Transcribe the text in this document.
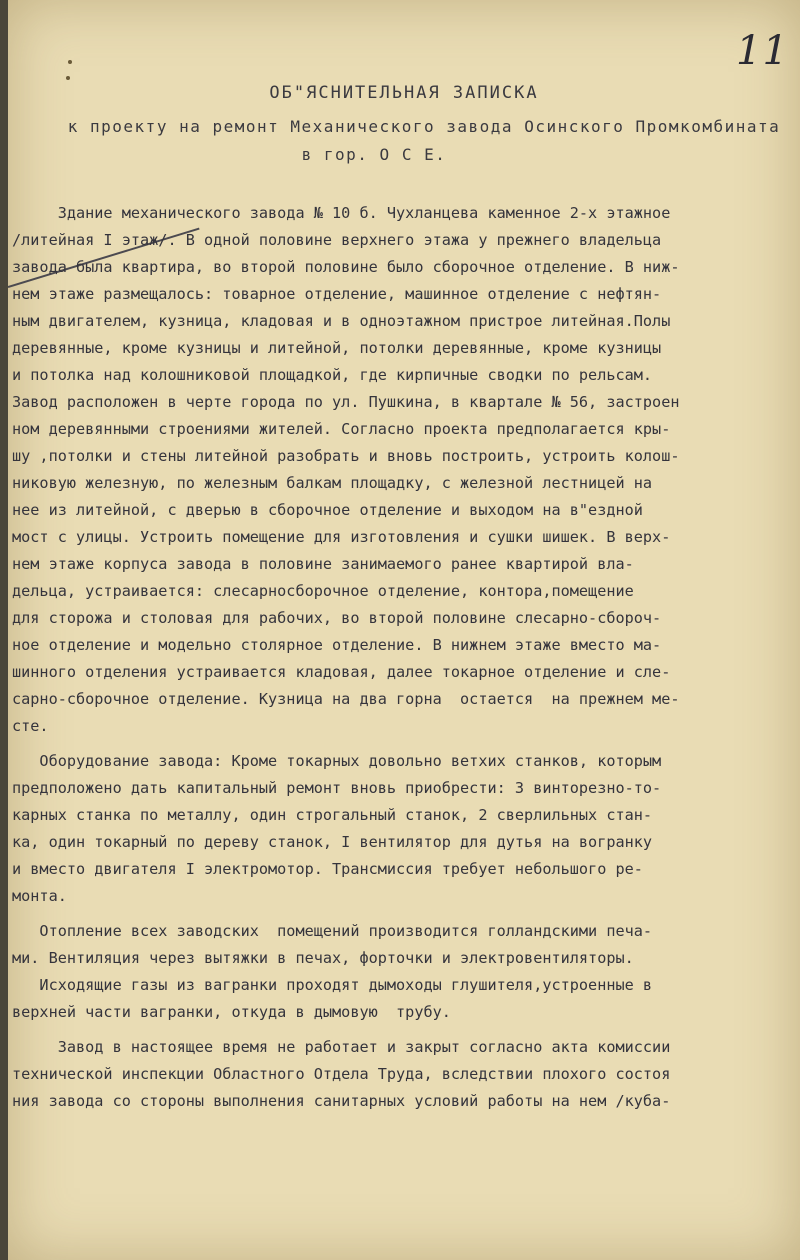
11
ОБ"ЯСНИТЕЛЬНАЯ ЗАПИСКА
к проекту на ремонт Механического завода Осинского Промкомбината
в гор. О С Е.
Здание механического завода № 10 б. Чухланцева каменное 2-х этажное
/литейная I этаж/. В одной половине верхнего этажа у прежнего владельца
завода была квартира, во второй половине было сборочное отделение. В ниж-
нем этаже размещалось: товарное отделение, машинное отделение с нефтян-
ным двигателем, кузница, кладовая и в одноэтажном пристрое литейная.Полы
деревянные, кроме кузницы и литейной, потолки деревянные, кроме кузницы
и потолка над колошниковой площадкой, где кирпичные сводки по рельсам.
Завод расположен в черте города по ул. Пушкина, в квартале № 56, застроен
ном деревянными строениями жителей. Согласно проекта предполагается кры-
шу ,потолки и стены литейной разобрать и вновь построить, устроить колош-
никовую железную, по железным балкам площадку, с железной лестницей на
нее из литейной, с дверью в сборочное отделение и выходом на в"ездной
мост с улицы. Устроить помещение для изготовления и сушки шишек. В верх-
нем этаже корпуса завода в половине занимаемого ранее квартирой вла-
дельца, устраивается: слесарносборочное отделение, контора,помещение
для сторожа и столовая для рабочих, во второй половине слесарно-сбороч-
ное отделение и модельно столярное отделение. В нижнем этаже вместо ма-
шинного отделения устраивается кладовая, далее токарное отделение и сле-
сарно-сборочное отделение. Кузница на два горна  остается  на прежнем ме-
сте.
Оборудование завода: Кроме токарных довольно ветхих станков, которым
предположено дать капитальный ремонт вновь приобрести: 3 винторезно-то-
карных станка по металлу, один строгальный станок, 2 сверлильных стан-
ка, один токарный по дереву станок, I вентилятор для дутья на вогранку
и вместо двигателя I электромотор. Трансмиссия требует небольшого ре-
монта.
Отопление всех заводских  помещений производится голландскими печа-
ми. Вентиляция через вытяжки в печах, форточки и электровентиляторы.
Исходящие газы из вагранки проходят дымоходы глушителя,устроенные в
верхней части вагранки, откуда в дымовую  трубу.
Завод в настоящее время не работает и закрыт согласно акта комиссии
технической инспекции Областного Отдела Труда, вследствии плохого состоя
ния завода со стороны выполнения санитарных условий работы на нем /куба-
